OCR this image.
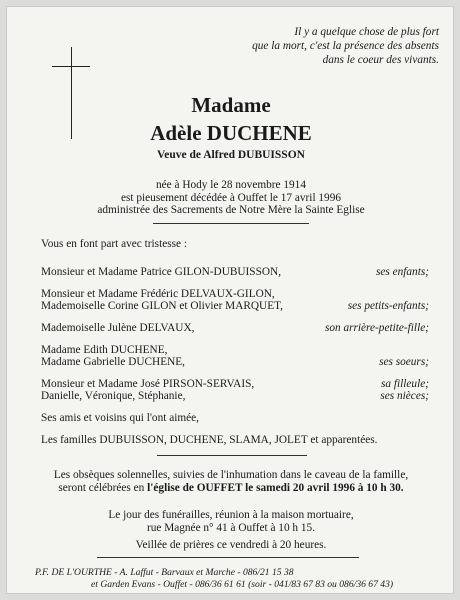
Il y a quelque chose de plus fort
que la mort, c'est la présence des absents
dans le coeur des vivants.
Madame
Adèle DUCHENE
Veuve de Alfred DUBUISSON
née à Hody le 28 novembre 1914
est pieusement décédée à Ouffet le 17 avril 1996
administrée des Sacrements de Notre Mère la Sainte Eglise
Vous en font part avec tristesse :
Monsieur et Madame Patrice GILON-DUBUISSON,	ses enfants;
Monsieur et Madame Frédéric DELVAUX-GILON,
Mademoiselle Corine GILON et Olivier MARQUET,	ses petits-enfants;
Mademoiselle Julène DELVAUX,	son arrière-petite-fille;
Madame Edith DUCHENE,
Madame Gabrielle DUCHENE,	ses soeurs;
Monsieur et Madame José PIRSON-SERVAIS,	sa filleule;
Danielle, Véronique, Stéphanie,	ses nièces;
Ses amis et voisins qui l'ont aimée,
Les familles DUBUISSON, DUCHENE, SLAMA, JOLET et apparentées.
Les obsèques solennelles, suivies de l'inhumation dans le caveau de la famille,
seront célébrées en l'église de OUFFET le samedi 20 avril 1996 à 10 h 30.
Le jour des funérailles, réunion à la maison mortuaire,
rue Magnée n° 41 à Ouffet à 10 h 15.
Veillée de prières ce vendredi à 20 heures.
P.F. DE L'OURTHE - A. Laffut - Barvaux et Marche - 086/21 15 38
et Garden Evans - Ouffet - 086/36 61 61 (soir - 041/83 67 83 ou 086/36 67 43)
